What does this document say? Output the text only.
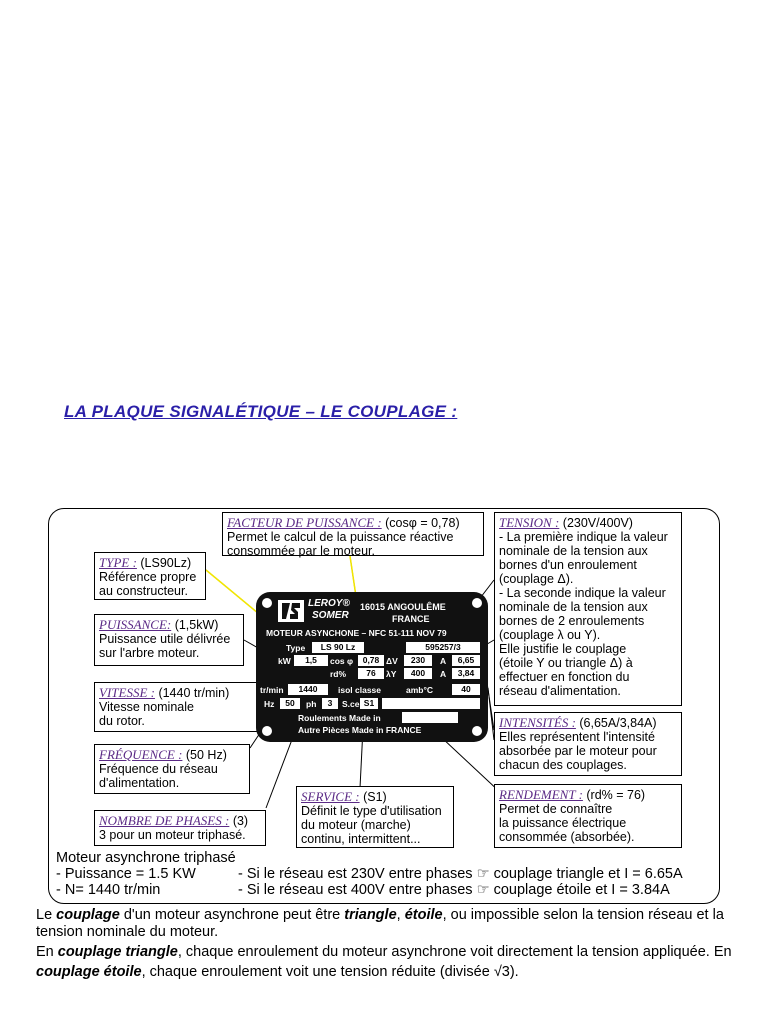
LA PLAQUE SIGNALÉTIQUE – LE COUPLAGE :
FACTEUR DE PUISSANCE : (cosφ = 0,78)
Permet le calcul de la puissance réactive
consommée par le moteur.
TENSION : (230V/400V)
- La première indique la valeur
nominale de la tension aux
bornes d'un enroulement
(couplage Δ).
- La seconde indique la valeur
nominale de la tension aux
bornes de 2 enroulements
(couplage λ ou Y).
Elle justifie le couplage
(étoile Y ou triangle Δ) à
effectuer en fonction du
réseau d'alimentation.
TYPE : (LS90Lz)
Référence propre
au constructeur.
PUISSANCE: (1,5kW)
Puissance utile délivrée
sur l'arbre moteur.
VITESSE : (1440 tr/min)
Vitesse nominale
du rotor.
FRÉQUENCE : (50 Hz)
Fréquence du réseau
d'alimentation.
NOMBRE DE PHASES : (3)
3 pour un moteur triphasé.
SERVICE : (S1)
Définit le type d'utilisation
du moteur (marche)
continu, intermittent...
INTENSITÉS : (6,65A/3,84A)
Elles représentent l'intensité
absorbée par le moteur pour
chacun des couplages.
RENDEMENT : (rd% = 76)
Permet de connaître
la puissance électrique
consommée (absorbée).
LEROY®
SOMER
16015 ANGOULÊME
FRANCE
MOTEUR ASYNCHONE – NFC 51-111 NOV 79
Type	LS 90 Lz	595257/3
kW	1,5	cos φ	0,78 ΔV	230	A	6,65
rd%	76	λY	400	A	3,84
tr/min	1440	isol classe	amb°C	40
Hz	50	ph	3	S.ce S1
Roulements Made in
Autre Pièces Made in FRANCE
Moteur asynchrone triphasé
- Puissance = 1.5 KW
- N= 1440 tr/min
- Si le réseau est 230V entre phases ☞ couplage triangle et I = 6.65A
- Si le réseau est 400V entre phases ☞ couplage étoile et I = 3.84A
Le couplage d'un moteur asynchrone peut être triangle, étoile, ou impossible selon la tension réseau et la tension nominale du moteur.
En couplage triangle, chaque enroulement du moteur asynchrone voit directement la tension appliquée. En couplage étoile, chaque enroulement voit une tension réduite (divisée √3).
